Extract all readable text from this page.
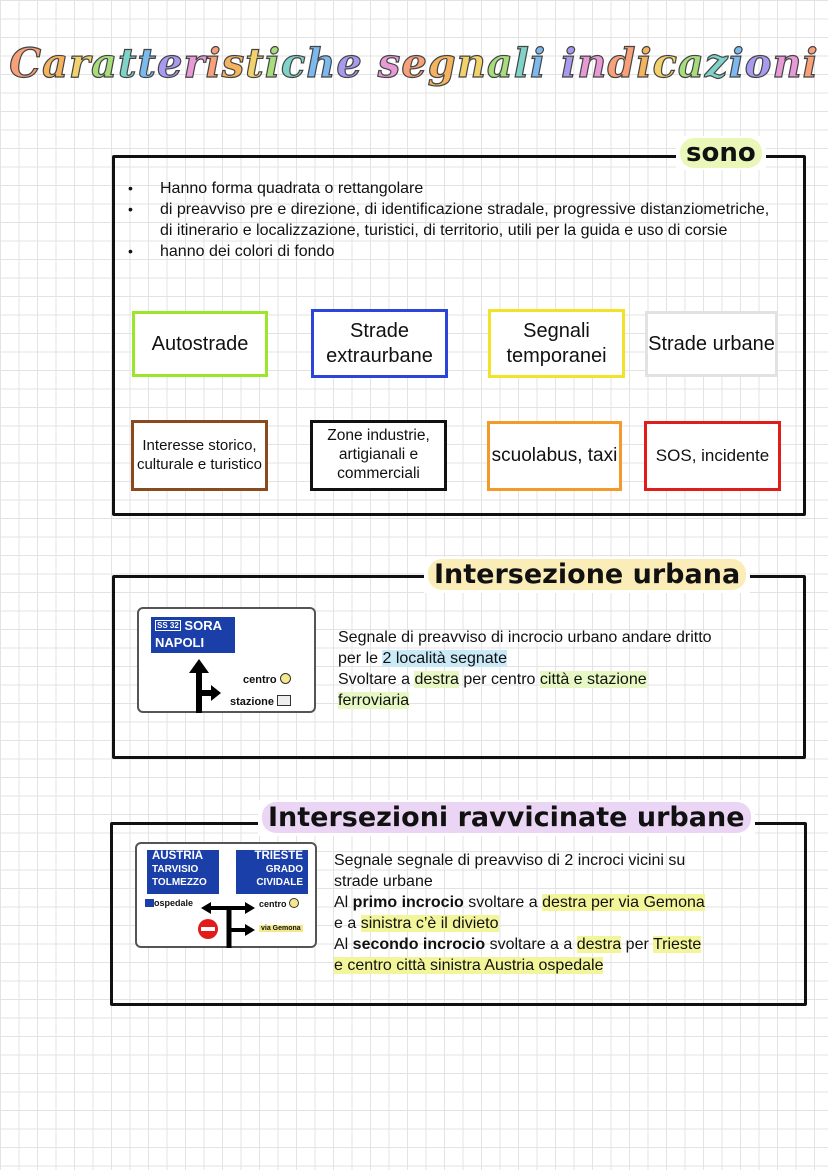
Caratteristiche segnali indicazioni
sono
• Hanno forma quadrata o rettangolare
• di preavviso pre e direzione, di identificazione stradale, progressive distanziometriche, di itinerario e localizzazione, turistici, di territorio, utili per la guida e uso di corsie
• hanno dei colori di fondo
Autostrade
Strade extraurbane
Segnali temporanei
Strade urbane
Interesse storico, culturale e turistico
Zone industrie, artigianali e commerciali
scuolabus, taxi SOS, incidente
Intersezione urbana
SS 32 SORA
NAPOLI
centro
stazione
Segnale di preavviso di incrocio urbano andare dritto
per le 2 località segnate
Svoltare a destra per centro città e stazione
ferroviaria
Intersezioni ravvicinate urbane
AUSTRIA
TARVISIO
TOLMEZZO
TRIESTE
GRADO
CIVIDALE
ospedale	centro
via Gemona
Segnale segnale di preavviso di 2 incroci vicini su
strade urbane
Al primo incrocio svoltare a destra per via Gemona
e a sinistra c’è il divieto
Al secondo incrocio svoltare a a destra per Trieste
e centro città sinistra Austria ospedale
